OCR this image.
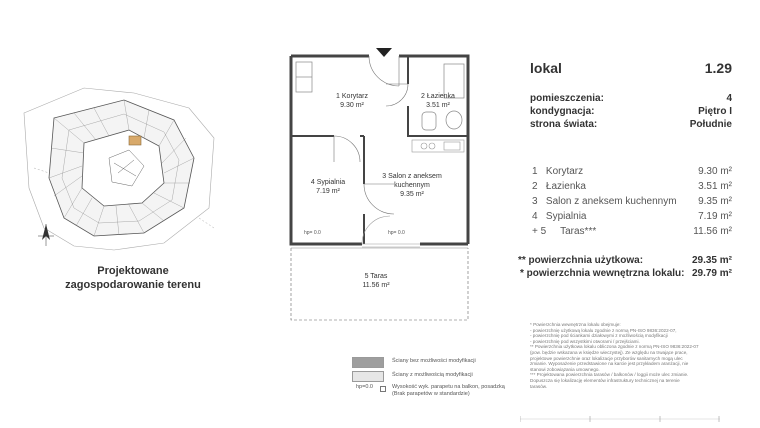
Projektowane
zagospodarowanie terenu
1 Korytarz
9.30 m²
2 Łazienka
3.51 m²
3 Salon z aneksem
kuchennym
9.35 m²
4 Sypialnia
7.19 m²
5 Taras
11.56 m²
hp= 0.0	hp= 0.0
Ściany bez możliwości modyfikacji
Ściany z możliwością modyfikacji
hp=0.0	Wysokość wyk. parapetu na balkon, posadzką
(Brak parapetów w standardzie)
lokal	1.29
pomieszczenia:	4
kondygnacja:	Piętro I
strona świata:	Południe
1 Korytarz	9.30 m²
2 Łazienka	3.51 m²
3 Salon z aneksem kuchennym	9.35 m²
4 Sypialnia	7.19 m²
+ 5 Taras***	11.56 m²
** powierzchnia użytkowa:	29.35 m²
* powierzchnia wewnętrzna lokalu: 29.79 m²
* Powierzchnia wewnętrzna lokalu obejmuje:
- powierzchnię użytkową lokalu zgodnie z normą PN-ISO 9836:2022-07,
- powierzchnię pod ściankami działowymi z możliwością modyfikacji
- powierzchnię pod wszystkimi otworami / przejściami.
** Powierzchnia użytkowa lokalu obliczona zgodnie z normą PN-ISO 9836:2022-07
(pow. będzie wskazana w księdze wieczystej). Ze względu na trwające prace,
projektowe powierzchnie oraz lokalizacje przyborów sanitarnych mogą ulec
zmianie. Wyposażenie przedstawione na karcie jest przykładem aranżacji, nie
stanowi zobowiązania umownego.
*** Projektowana powierzchnia tarasów / balkonów / loggii może ulec zmianie.
Dopuszcza się lokalizację elementów infrastruktury technicznej na terenie
tarasów.
